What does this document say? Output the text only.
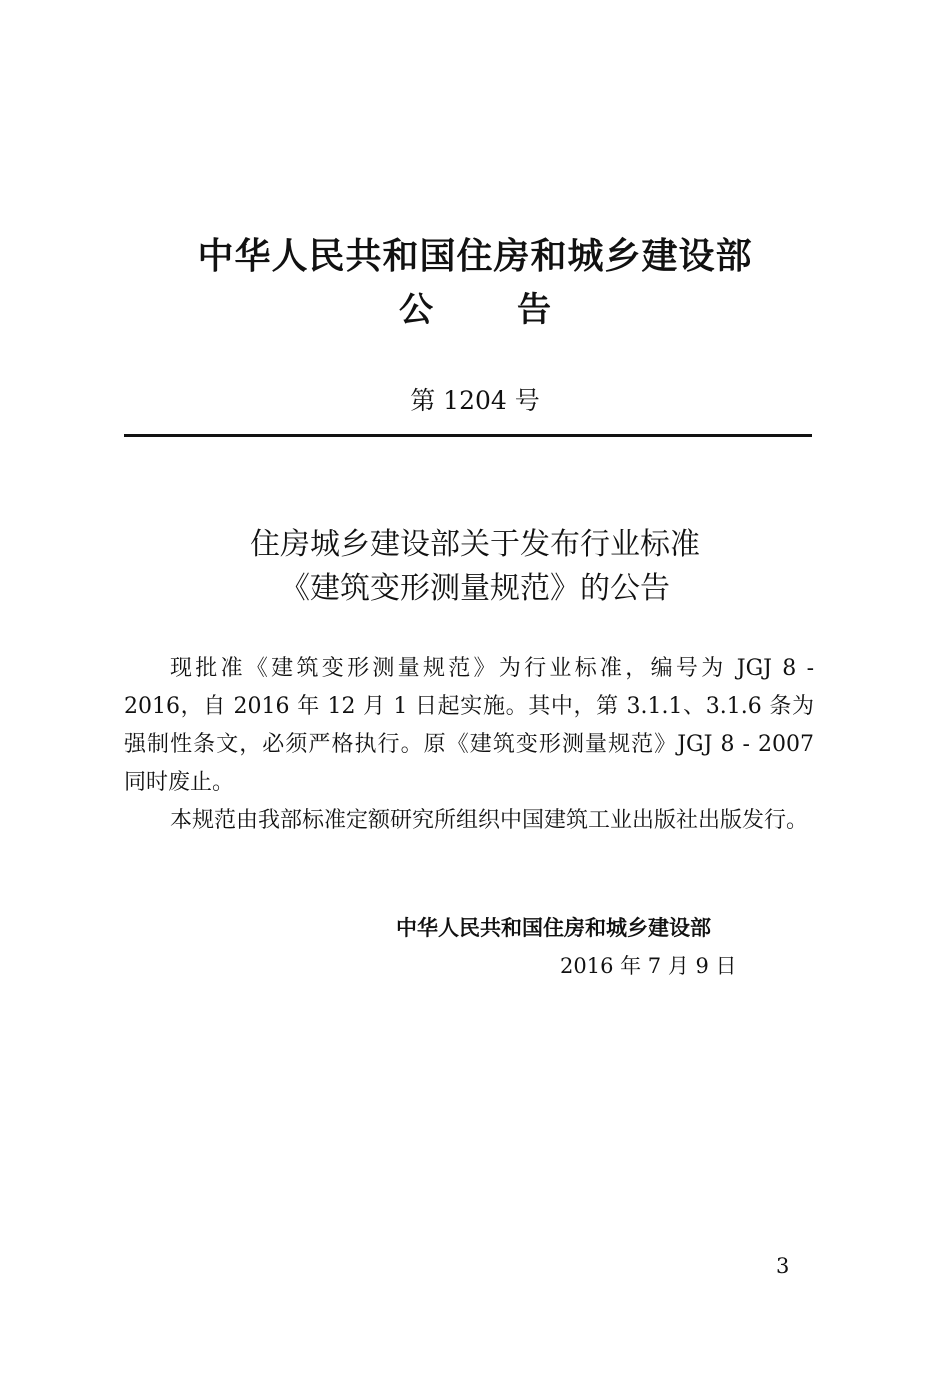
中华人民共和国住房和城乡建设部
公 告
第 1204 号
住房城乡建设部关于发布行业标准
《建筑变形测量规范》的公告

现批准《建筑变形测量规范》为行业标准，编号为 JGJ 8 - 2016，自 2016 年 12 月 1 日起实施。其中，第 3.1.1、3.1.6 条为强制性条文，必须严格执行。原《建筑变形测量规范》JGJ 8 - 2007 同时废止。

本规范由我部标准定额研究所组织中国建筑工业出版社出版发行。

中华人民共和国住房和城乡建设部
2016 年 7 月 9 日
3
